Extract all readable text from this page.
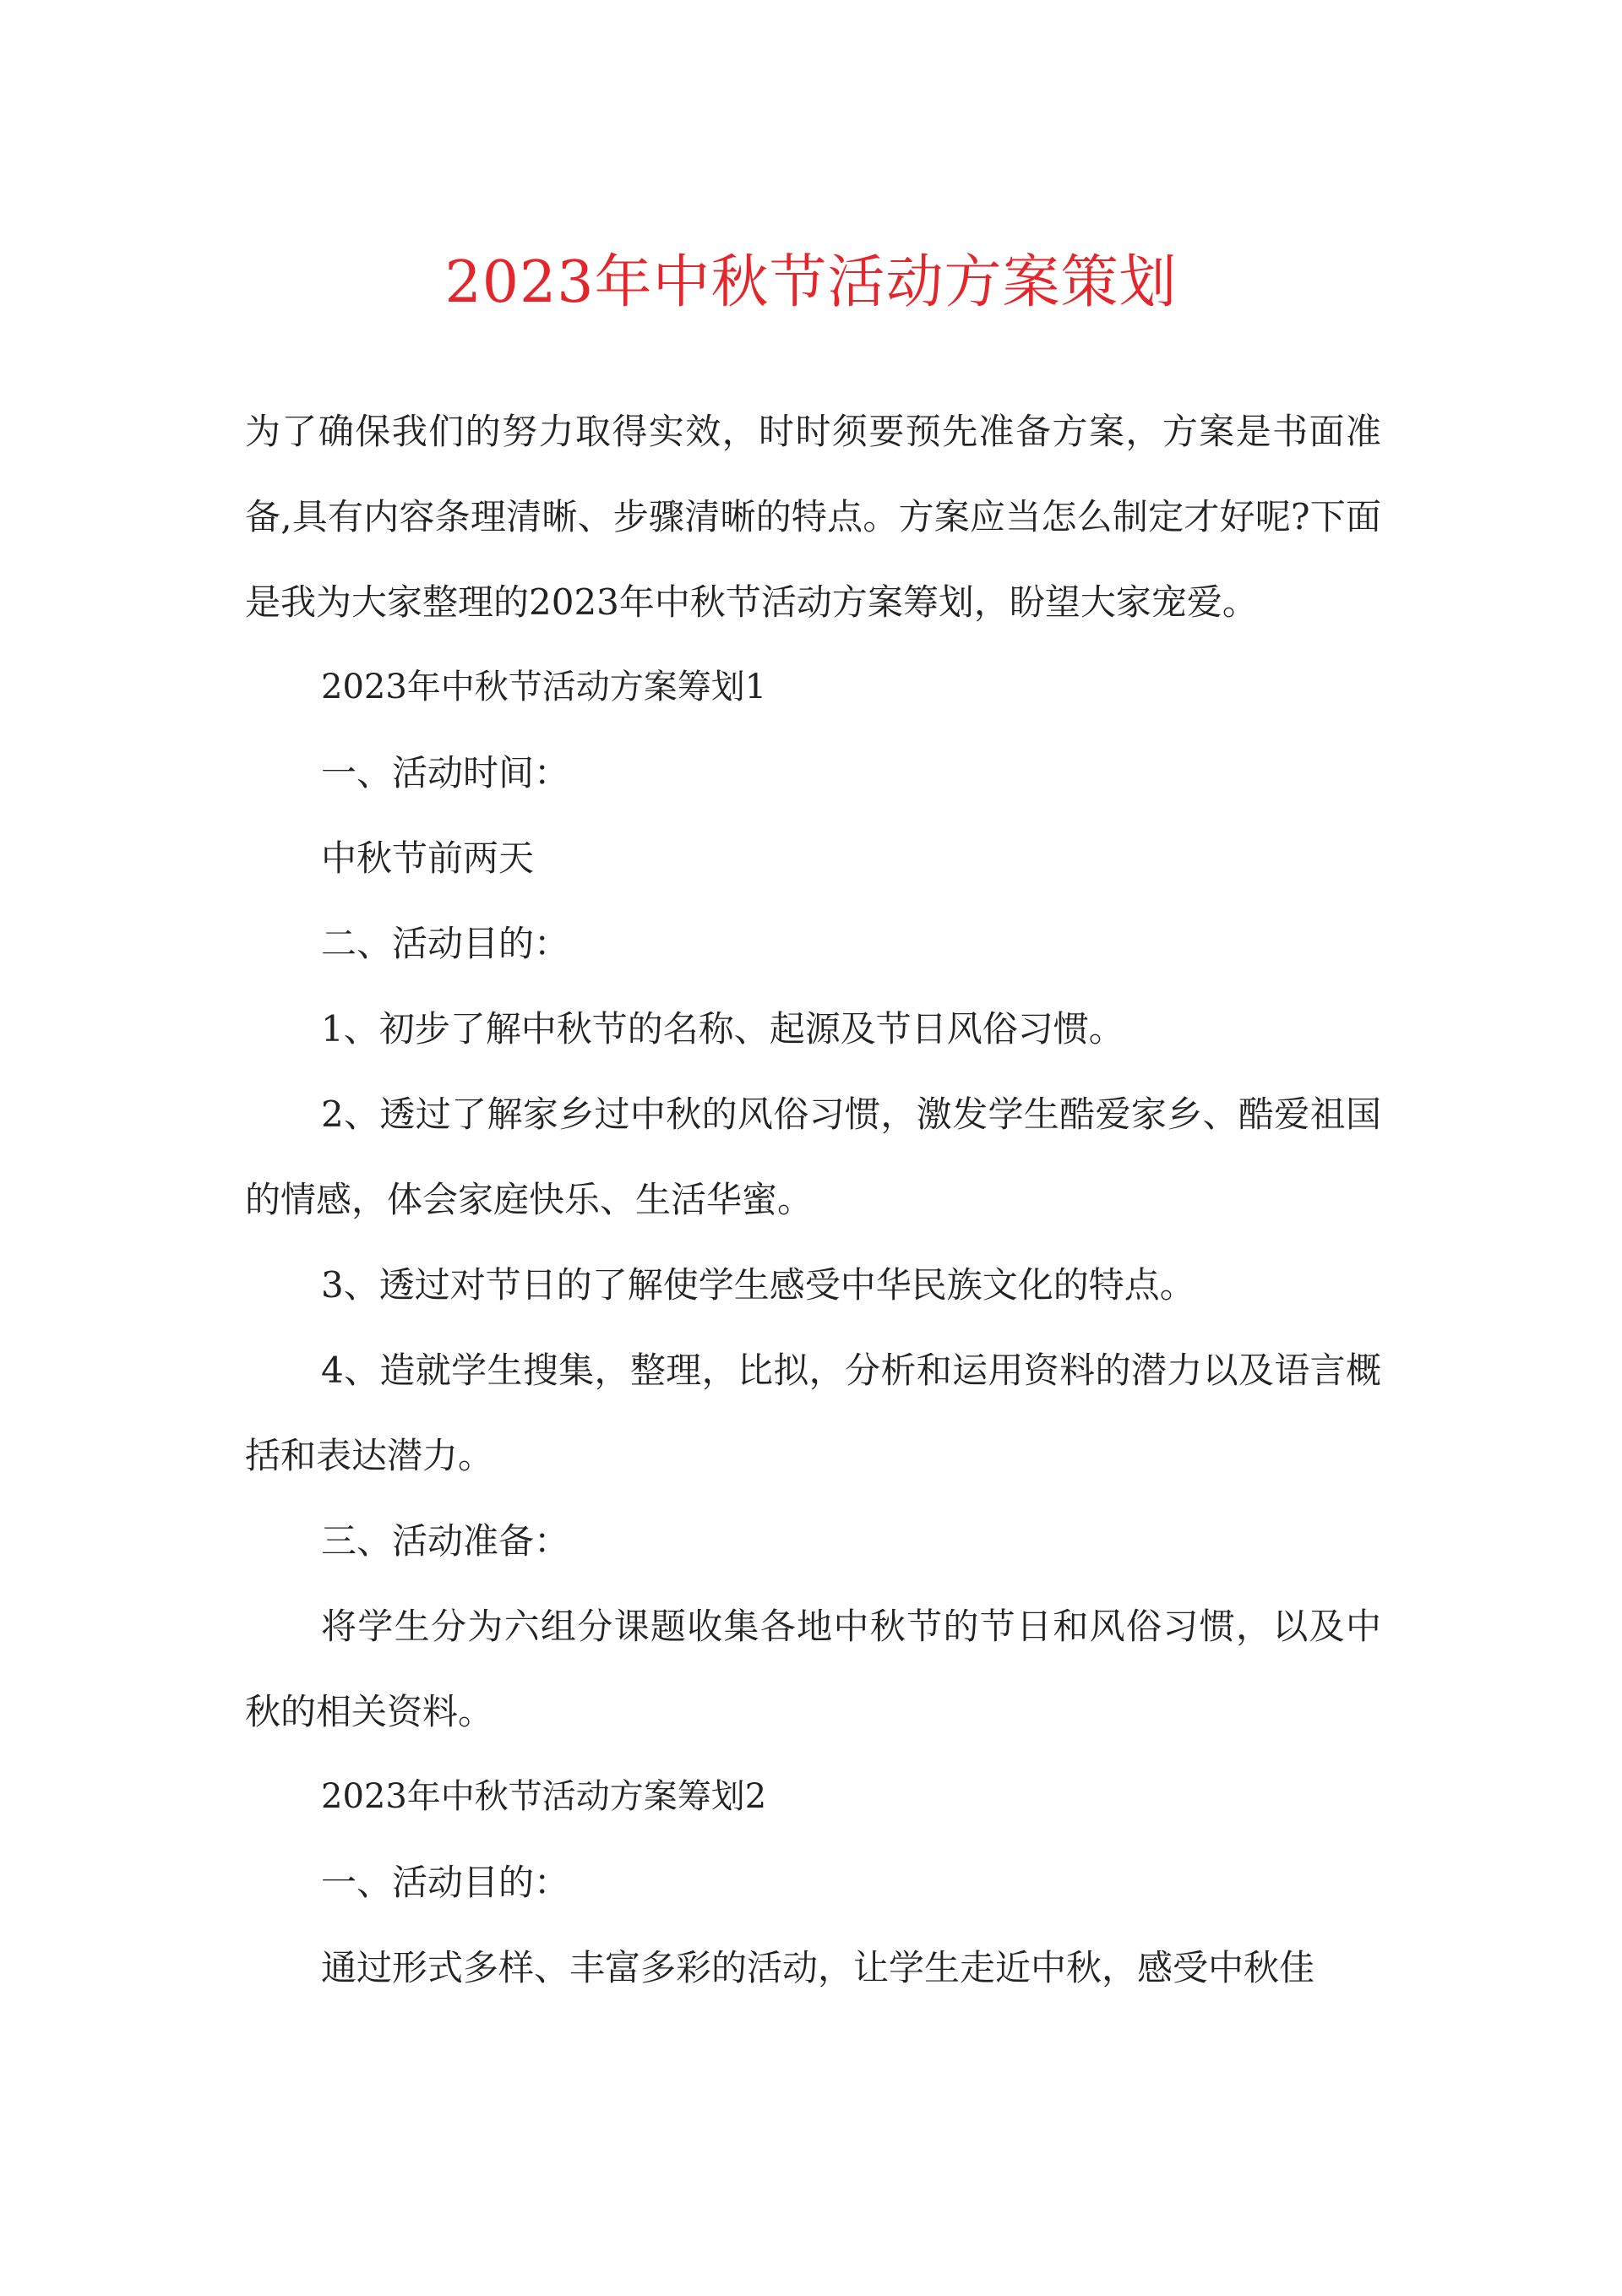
2023年中秋节活动方案策划

为了确保我们的努力取得实效，时时须要预先准备方案，方案是书面准备,具有内容条理清晰、步骤清晰的特点。方案应当怎么制定才好呢?下面是我为大家整理的2023年中秋节活动方案筹划，盼望大家宠爱。

2023年中秋节活动方案筹划1

一、活动时间：

中秋节前两天

二、活动目的：

1、初步了解中秋节的名称、起源及节日风俗习惯。

2、透过了解家乡过中秋的风俗习惯，激发学生酷爱家乡、酷爱祖国的情感，体会家庭快乐、生活华蜜。

3、透过对节日的了解使学生感受中华民族文化的特点。

4、造就学生搜集，整理，比拟，分析和运用资料的潜力以及语言概括和表达潜力。

三、活动准备：

将学生分为六组分课题收集各地中秋节的节日和风俗习惯，以及中秋的相关资料。

2023年中秋节活动方案筹划2

一、活动目的：

通过形式多样、丰富多彩的活动，让学生走近中秋，感受中秋佳
